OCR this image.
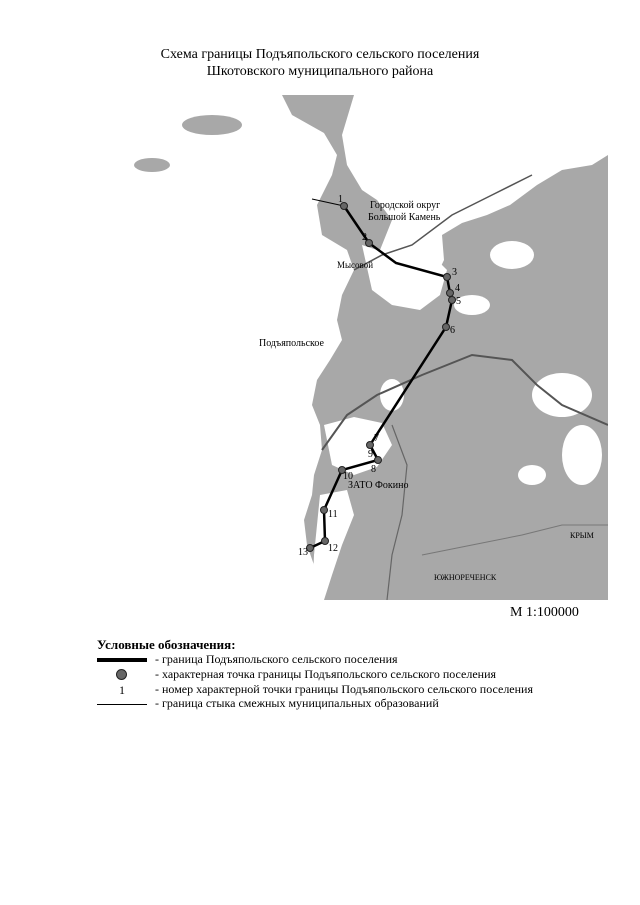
Схема границы Подъяпольского сельского поселения
Шкотовского муниципального района
1
2
3
4
5
6
7
8
9
10
11
12
13
Городской округ
Большой Камень
Мысовой
Подъяпольское
ЗАТО Фокино
ЮЖНОРЕЧЕНСК
КРЫМ
М 1:100000
Условные обозначения:
- граница Подъяпольского сельского поселения
- характерная точка границы Подъяпольского сельского поселения
1	- номер характерной точки границы Подъяпольского сельского поселения
- граница стыка смежных муниципальных образований
